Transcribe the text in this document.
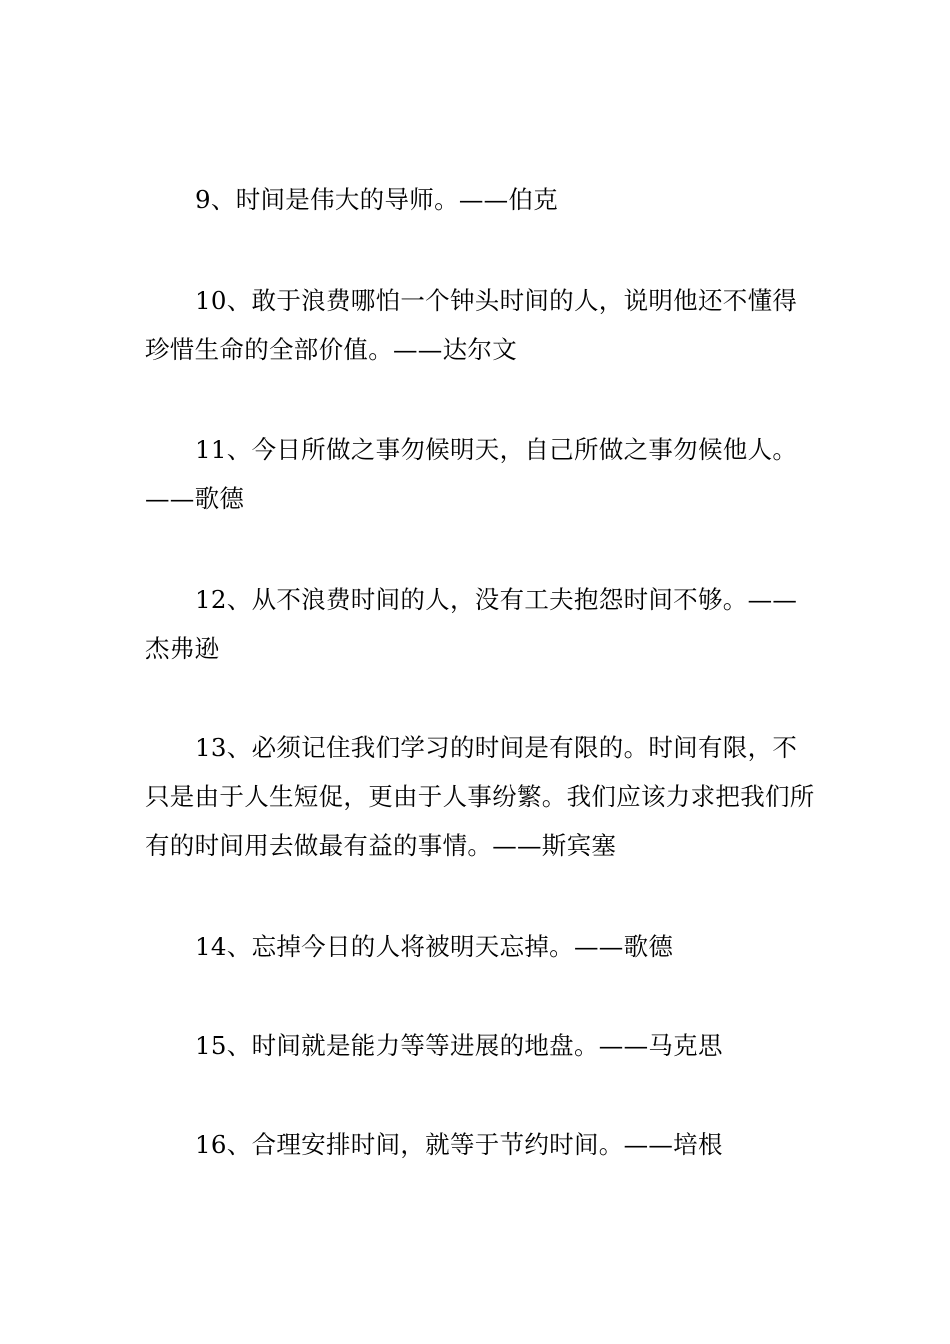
9、时间是伟大的导师。——伯克

10、敢于浪费哪怕一个钟头时间的人，说明他还不懂得珍惜生命的全部价值。——达尔文

11、今日所做之事勿候明天，自己所做之事勿候他人。——歌德

12、从不浪费时间的人，没有工夫抱怨时间不够。——杰弗逊

13、必须记住我们学习的时间是有限的。时间有限，不只是由于人生短促，更由于人事纷繁。我们应该力求把我们所有的时间用去做最有益的事情。——斯宾塞

14、忘掉今日的人将被明天忘掉。——歌德

15、时间就是能力等等进展的地盘。——马克思

16、合理安排时间，就等于节约时间。——培根
